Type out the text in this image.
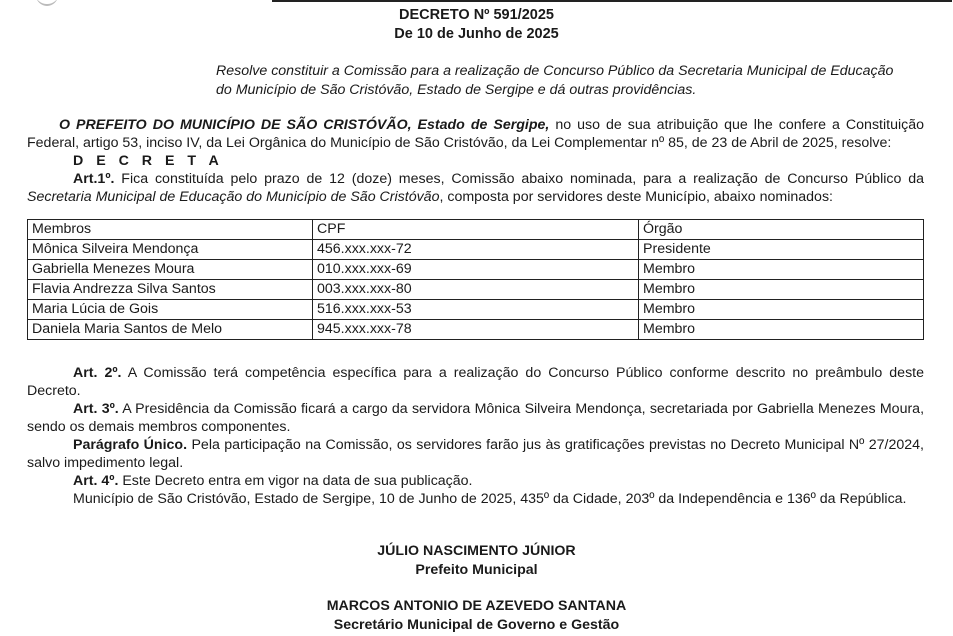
DECRETO Nº 591/2025
De 10 de Junho de 2025
Resolve constituir a Comissão para a realização de Concurso Público da Secretaria Municipal de Educação
do Município de São Cristóvão, Estado de Sergipe e dá outras providências.
O PREFEITO DO MUNICÍPIO DE SÃO CRISTÓVÃO, Estado de Sergipe, no uso de sua atribuição que lhe confere a Constituição Federal, artigo 53, inciso IV, da Lei Orgânica do Município de São Cristóvão, da Lei Complementar nº 85, de 23 de Abril de 2025, resolve:
D E C R E T A
Art.1º. Fica constituída pelo prazo de 12 (doze) meses, Comissão abaixo nominada, para a realização de Concurso Público da Secretaria Municipal de Educação do Município de São Cristóvão, composta por servidores deste Município, abaixo nominados:
Membros	CPF	Órgão
Mônica Silveira Mendonça	456.xxx.xxx-72	Presidente
Gabriella Menezes Moura	010.xxx.xxx-69	Membro
Flavia Andrezza Silva Santos	003.xxx.xxx-80	Membro
Maria Lúcia de Gois	516.xxx.xxx-53	Membro
Daniela Maria Santos de Melo	945.xxx.xxx-78	Membro
Art. 2º. A Comissão terá competência específica para a realização do Concurso Público conforme descrito no preâmbulo deste Decreto.
Art. 3º. A Presidência da Comissão ficará a cargo da servidora Mônica Silveira Mendonça, secretariada por Gabriella Menezes Moura, sendo os demais membros componentes.
Parágrafo Único. Pela participação na Comissão, os servidores farão jus às gratificações previstas no Decreto Municipal Nº 27/2024, salvo impedimento legal.
Art. 4º. Este Decreto entra em vigor na data de sua publicação.
Município de São Cristóvão, Estado de Sergipe, 10 de Junho de 2025, 435º da Cidade, 203º da Independência e 136º da República.
JÚLIO NASCIMENTO JÚNIOR
Prefeito Municipal
MARCOS ANTONIO DE AZEVEDO SANTANA
Secretário Municipal de Governo e Gestão
